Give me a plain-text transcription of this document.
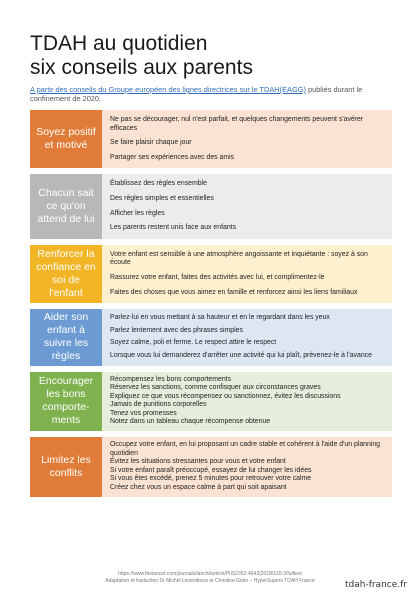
TDAH au quotidien
six conseils aux parents
A partir des conseils du Groupe européen des lignes directrices sur le TDAH(EAGG) publiés durant le confinement de 2020.
Soyez positif et motivé
Ne pas se décourager, nul n'est parfait, et quelques changements peuvent s'avérer efficaces
Se faire plaisir chaque jour
Partager ses expériences avec des amis
Chacun sait ce qu'on attend de lui
Établissez des règles ensemble
Des règles simples et essentielles
Afficher les règles
Les parents restent unis face aux enfants
Renforcer la confiance en soi de l'enfant
Votre enfant est sensible à une atmosphère angoissante et inquiétante : soyez à son écoute
Rassurez votre enfant, faites des activités avec lui, et complimentez-le
Faites des choses que vous aimez en famille et renforcez ainsi les liens familiaux
Aider son enfant à suivre les règles
Parlez-lui en vous mettant à sa hauteur et en le regardant dans les yeux
Parlez lentement avec des phrases simples
Soyez calme, poli et ferme. Le respect attire le respect
Lorsque vous lui demanderez d'arrêter une activité qui lui plaît, prévenez-le à l'avance
Encourager les bons comporte-ments
Récompensez les bons comportements
Réservez les sanctions, comme confisquer aux circonstances graves
Expliquez ce que vous récompensez ou sanctionnez, évitez les discussions
Jamais de punitions corporelles
Tenez vos promesses
Notez dans un tableau chaque récompense obtenue
Limitez les conflits
Occupez votre enfant, en lui proposant un cadre stable et cohérent à l'aide d'un planning quotidien
Évitez les situations stressantes pour vous et votre enfant
Si votre enfant paraît préoccupé, essayez de lui changer les idées
Si vous êtes excédé, prenez 5 minutes pour retrouver votre calme
Créez chez vous un espace calme à part qui soit apaisant
https://www.thelancet.com/journals/lanchi/article/PIIS2352-4642(20)30110-3/fulltext
Adaptation et traduction Dr Michel Lecendreux et Christine Gétin – HyperSupers TDAH France	tdah-france.fr
